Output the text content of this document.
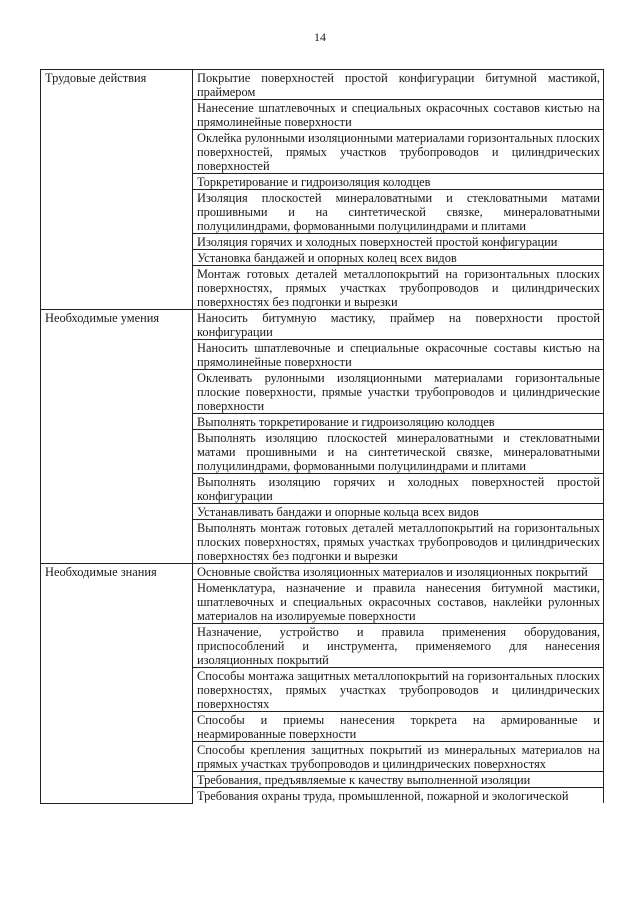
14
Трудовые действия	Покрытие поверхностей простой конфигурации битумной мастикой, праймером
	Нанесение шпатлевочных и специальных окрасочных составов кистью на прямолинейные поверхности
	Оклейка рулонными изоляционными материалами горизонтальных плоских поверхностей, прямых участков трубопроводов и цилиндрических поверхностей
	Торкретирование и гидроизоляция колодцев
	Изоляция плоскостей минераловатными и стекловатными матами прошивными и на синтетической связке, минераловатными полуцилиндрами, формованными полуцилиндрами и плитами
	Изоляция горячих и холодных поверхностей простой конфигурации
	Установка бандажей и опорных колец всех видов
	Монтаж готовых деталей металлопокрытий на горизонтальных плоских поверхностях, прямых участках трубопроводов и цилиндрических поверхностях без подгонки и вырезки
Необходимые умения	Наносить битумную мастику, праймер на поверхности простой конфигурации
	Наносить шпатлевочные и специальные окрасочные составы кистью на прямолинейные поверхности
	Оклеивать рулонными изоляционными материалами горизонтальные плоские поверхности, прямые участки трубопроводов и цилиндрические поверхности
	Выполнять торкретирование и гидроизоляцию колодцев
	Выполнять изоляцию плоскостей минераловатными и стекловатными матами прошивными и на синтетической связке, минераловатными полуцилиндрами, формованными полуцилиндрами и плитами
	Выполнять изоляцию горячих и холодных поверхностей простой конфигурации
	Устанавливать бандажи и опорные кольца всех видов
	Выполнять монтаж готовых деталей металлопокрытий на горизонтальных плоских поверхностях, прямых участках трубопроводов и цилиндрических поверхностях без подгонки и вырезки
Необходимые знания	Основные свойства изоляционных материалов и изоляционных покрытий
	Номенклатура, назначение и правила нанесения битумной мастики, шпатлевочных и специальных окрасочных составов, наклейки рулонных материалов на изолируемые поверхности
	Назначение, устройство и правила применения оборудования, приспособлений и инструмента, применяемого для нанесения изоляционных покрытий
	Способы монтажа защитных металлопокрытий на горизонтальных плоских поверхностях, прямых участках трубопроводов и цилиндрических поверхностях
	Способы и приемы нанесения торкрета на армированные и неармированные поверхности
	Способы крепления защитных покрытий из минеральных материалов на прямых участках трубопроводов и цилиндрических поверхностях
	Требования, предъявляемые к качеству выполненной изоляции
	Требования охраны труда, промышленной, пожарной и экологической
